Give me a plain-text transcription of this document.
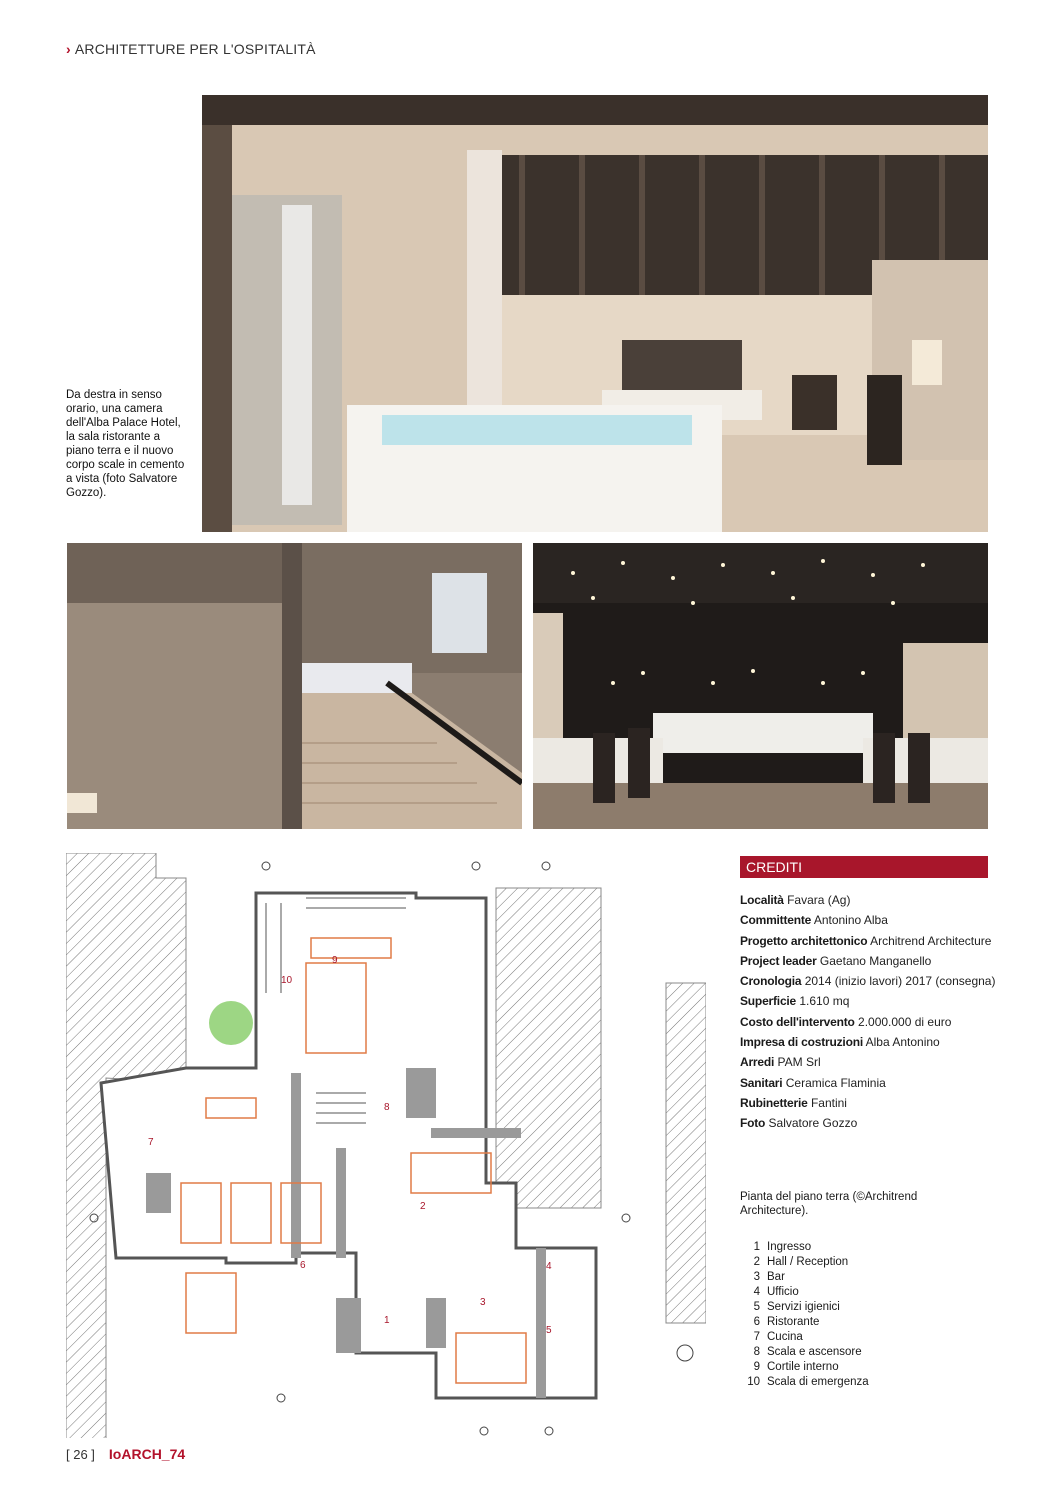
› ARCHITETTURE PER L'OSPITALITÀ
Da destra in senso orario, una camera dell'Alba Palace Hotel, la sala ristorante a piano terra e il nuovo corpo scale in cemento a vista (foto Salvatore Gozzo).
1
2
3
4
5
6
7
8
9
10
CREDITI
Località Favara (Ag)
Committente Antonino Alba
Progetto architettonico Architrend Architecture
Project leader Gaetano Manganello
Cronologia 2014 (inizio lavori) 2017 (consegna)
Superficie 1.610 mq
Costo dell'intervento 2.000.000 di euro
Impresa di costruzioni Alba Antonino
Arredi PAM Srl
Sanitari Ceramica Flaminia
Rubinetterie Fantini
Foto Salvatore Gozzo
Pianta del piano terra (©Architrend Architecture).
1 Ingresso
2 Hall / Reception
3 Bar
4 Ufficio
5 Servizi igienici
6 Ristorante
7 Cucina
8 Scala e ascensore
9 Cortile interno
10 Scala di emergenza
[ 26 ] IoARCH_74
